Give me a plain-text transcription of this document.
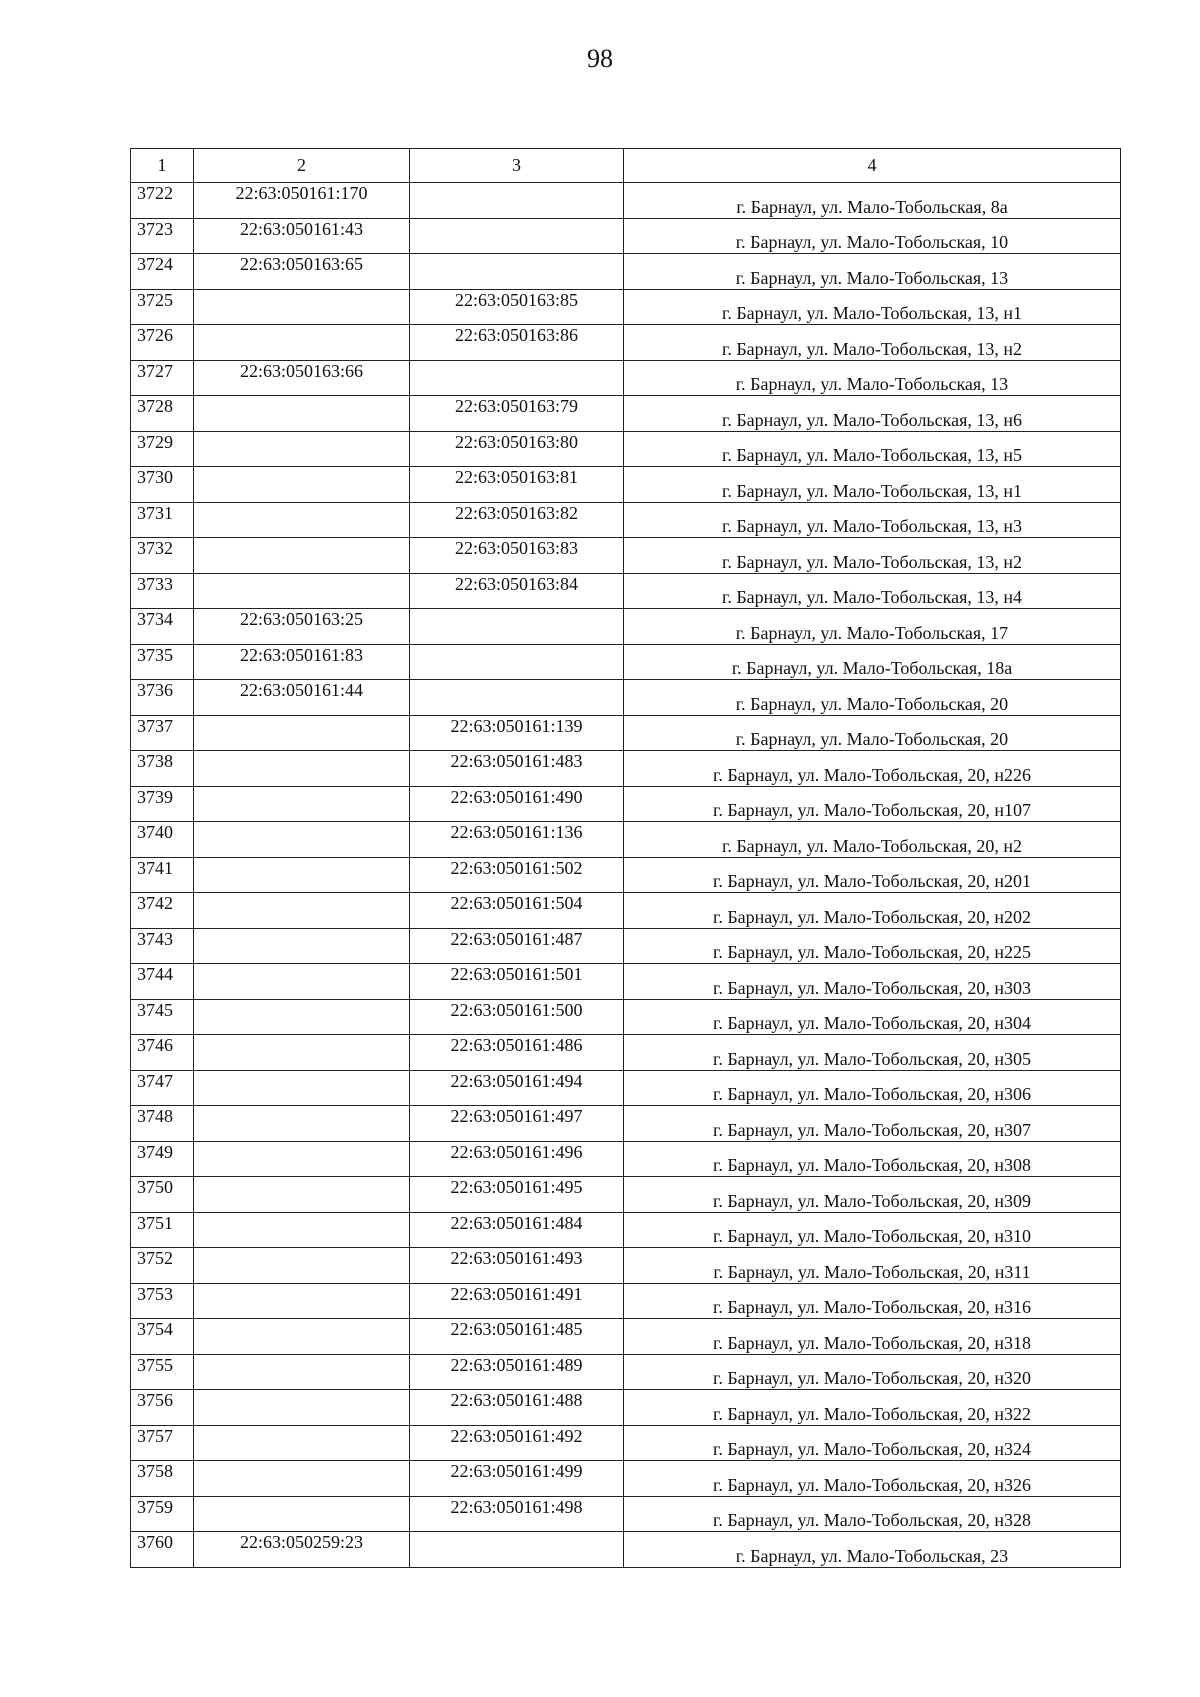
98
1	2	3	4
3722	22:63:050161:170		г. Барнаул, ул. Мало-Тобольская, 8а
3723	22:63:050161:43		г. Барнаул, ул. Мало-Тобольская, 10
3724	22:63:050163:65		г. Барнаул, ул. Мало-Тобольская, 13
3725		22:63:050163:85	г. Барнаул, ул. Мало-Тобольская, 13, н1
3726		22:63:050163:86	г. Барнаул, ул. Мало-Тобольская, 13, н2
3727	22:63:050163:66		г. Барнаул, ул. Мало-Тобольская, 13
3728		22:63:050163:79	г. Барнаул, ул. Мало-Тобольская, 13, н6
3729		22:63:050163:80	г. Барнаул, ул. Мало-Тобольская, 13, н5
3730		22:63:050163:81	г. Барнаул, ул. Мало-Тобольская, 13, н1
3731		22:63:050163:82	г. Барнаул, ул. Мало-Тобольская, 13, н3
3732		22:63:050163:83	г. Барнаул, ул. Мало-Тобольская, 13, н2
3733		22:63:050163:84	г. Барнаул, ул. Мало-Тобольская, 13, н4
3734	22:63:050163:25		г. Барнаул, ул. Мало-Тобольская, 17
3735	22:63:050161:83		г. Барнаул, ул. Мало-Тобольская, 18а
3736	22:63:050161:44		г. Барнаул, ул. Мало-Тобольская, 20
3737		22:63:050161:139	г. Барнаул, ул. Мало-Тобольская, 20
3738		22:63:050161:483	г. Барнаул, ул. Мало-Тобольская, 20, н226
3739		22:63:050161:490	г. Барнаул, ул. Мало-Тобольская, 20, н107
3740		22:63:050161:136	г. Барнаул, ул. Мало-Тобольская, 20, н2
3741		22:63:050161:502	г. Барнаул, ул. Мало-Тобольская, 20, н201
3742		22:63:050161:504	г. Барнаул, ул. Мало-Тобольская, 20, н202
3743		22:63:050161:487	г. Барнаул, ул. Мало-Тобольская, 20, н225
3744		22:63:050161:501	г. Барнаул, ул. Мало-Тобольская, 20, н303
3745		22:63:050161:500	г. Барнаул, ул. Мало-Тобольская, 20, н304
3746		22:63:050161:486	г. Барнаул, ул. Мало-Тобольская, 20, н305
3747		22:63:050161:494	г. Барнаул, ул. Мало-Тобольская, 20, н306
3748		22:63:050161:497	г. Барнаул, ул. Мало-Тобольская, 20, н307
3749		22:63:050161:496	г. Барнаул, ул. Мало-Тобольская, 20, н308
3750		22:63:050161:495	г. Барнаул, ул. Мало-Тобольская, 20, н309
3751		22:63:050161:484	г. Барнаул, ул. Мало-Тобольская, 20, н310
3752		22:63:050161:493	г. Барнаул, ул. Мало-Тобольская, 20, н311
3753		22:63:050161:491	г. Барнаул, ул. Мало-Тобольская, 20, н316
3754		22:63:050161:485	г. Барнаул, ул. Мало-Тобольская, 20, н318
3755		22:63:050161:489	г. Барнаул, ул. Мало-Тобольская, 20, н320
3756		22:63:050161:488	г. Барнаул, ул. Мало-Тобольская, 20, н322
3757		22:63:050161:492	г. Барнаул, ул. Мало-Тобольская, 20, н324
3758		22:63:050161:499	г. Барнаул, ул. Мало-Тобольская, 20, н326
3759		22:63:050161:498	г. Барнаул, ул. Мало-Тобольская, 20, н328
3760	22:63:050259:23		г. Барнаул, ул. Мало-Тобольская, 23
